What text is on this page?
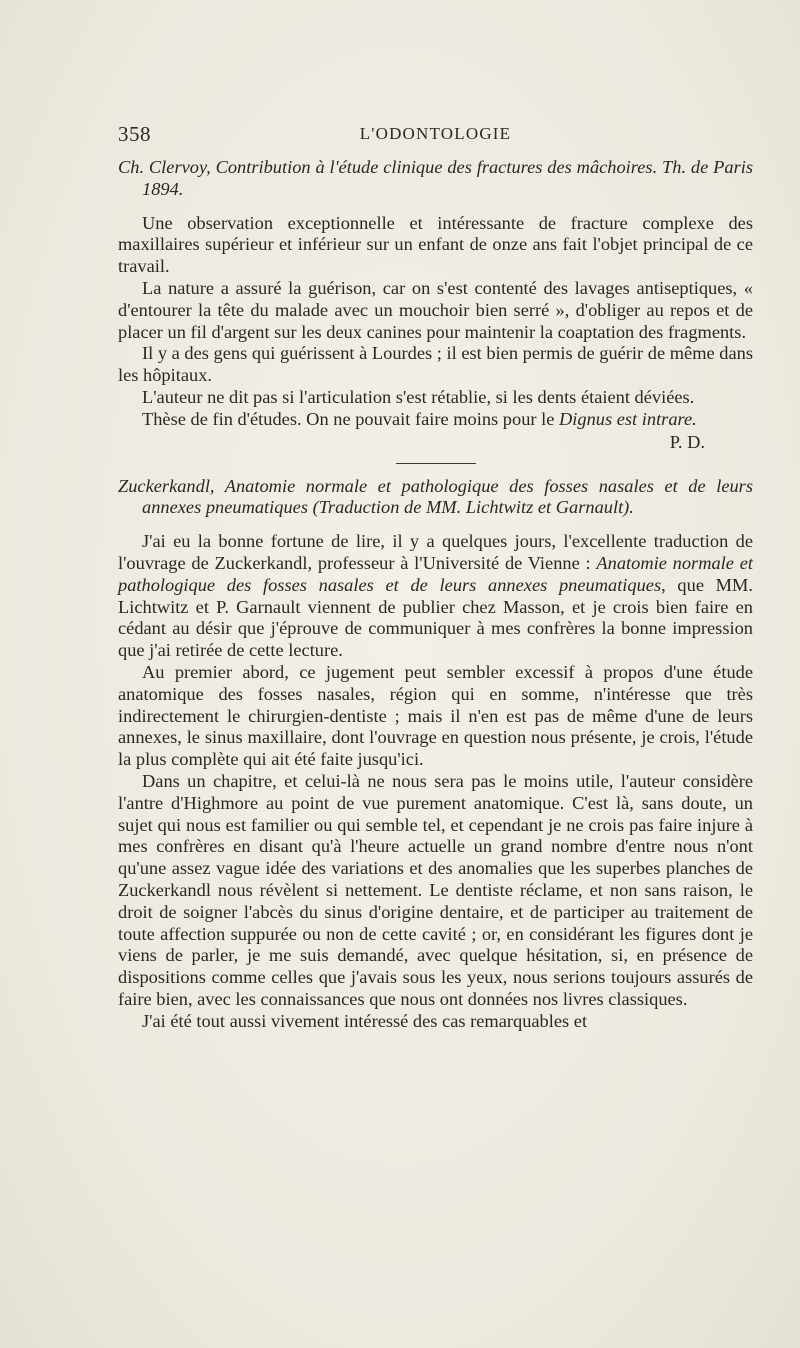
358	L'ODONTOLOGIE

Ch. Clervoy, Contribution à l'étude clinique des fractures des mâchoires. Th. de Paris 1894.

Une observation exceptionnelle et intéressante de fracture complexe des maxillaires supérieur et inférieur sur un enfant de onze ans fait l'objet principal de ce travail.

La nature a assuré la guérison, car on s'est contenté des lavages antiseptiques, « d'entourer la tête du malade avec un mouchoir bien serré », d'obliger au repos et de placer un fil d'argent sur les deux canines pour maintenir la coaptation des fragments.

Il y a des gens qui guérissent à Lourdes ; il est bien permis de guérir de même dans les hôpitaux.

L'auteur ne dit pas si l'articulation s'est rétablie, si les dents étaient déviées.

Thèse de fin d'études. On ne pouvait faire moins pour le Dignus est intrare.

P. D.

Zuckerkandl, Anatomie normale et pathologique des fosses nasales et de leurs annexes pneumatiques (Traduction de MM. Lichtwitz et Garnault).

J'ai eu la bonne fortune de lire, il y a quelques jours, l'excellente traduction de l'ouvrage de Zuckerkandl, professeur à l'Université de Vienne : Anatomie normale et pathologique des fosses nasales et de leurs annexes pneumatiques, que MM. Lichtwitz et P. Garnault viennent de publier chez Masson, et je crois bien faire en cédant au désir que j'éprouve de communiquer à mes confrères la bonne impression que j'ai retirée de cette lecture.

Au premier abord, ce jugement peut sembler excessif à propos d'une étude anatomique des fosses nasales, région qui en somme, n'intéresse que très indirectement le chirurgien-dentiste ; mais il n'en est pas de même d'une de leurs annexes, le sinus maxillaire, dont l'ouvrage en question nous présente, je crois, l'étude la plus complète qui ait été faite jusqu'ici.

Dans un chapitre, et celui-là ne nous sera pas le moins utile, l'auteur considère l'antre d'Highmore au point de vue purement anatomique. C'est là, sans doute, un sujet qui nous est familier ou qui semble tel, et cependant je ne crois pas faire injure à mes confrères en disant qu'à l'heure actuelle un grand nombre d'entre nous n'ont qu'une assez vague idée des variations et des anomalies que les superbes planches de Zuckerkandl nous révèlent si nettement. Le dentiste réclame, et non sans raison, le droit de soigner l'abcès du sinus d'origine dentaire, et de participer au traitement de toute affection suppurée ou non de cette cavité ; or, en considérant les figures dont je viens de parler, je me suis demandé, avec quelque hésitation, si, en présence de dispositions comme celles que j'avais sous les yeux, nous serions toujours assurés de faire bien, avec les connaissances que nous ont données nos livres classiques.

J'ai été tout aussi vivement intéressé des cas remarquables et
